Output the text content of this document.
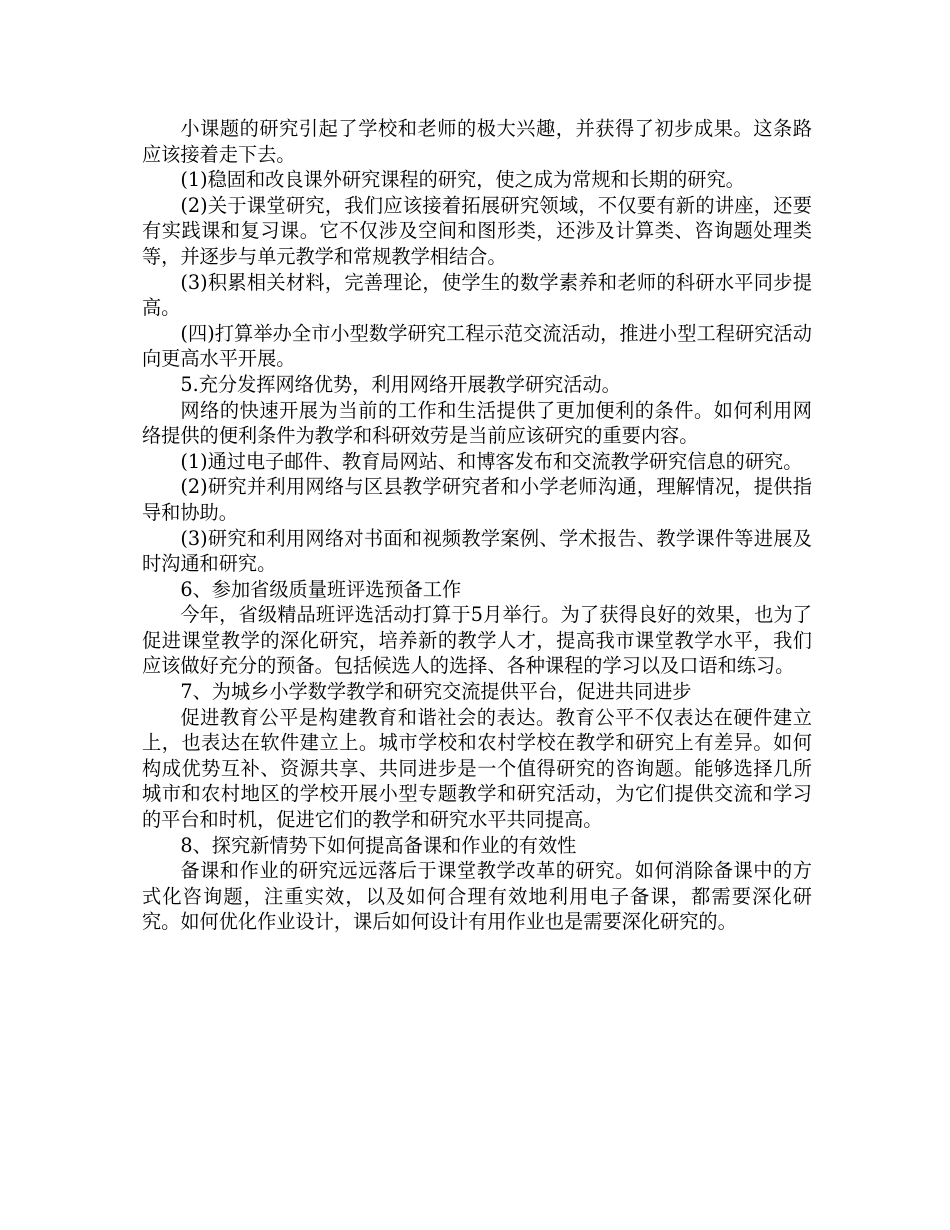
小课题的研究引起了学校和老师的极大兴趣，并获得了初步成果。这条路应该接着走下去。

(1)稳固和改良课外研究课程的研究，使之成为常规和长期的研究。

(2)关于课堂研究，我们应该接着拓展研究领域，不仅要有新的讲座，还要有实践课和复习课。它不仅涉及空间和图形类，还涉及计算类、咨询题处理类等，并逐步与单元教学和常规教学相结合。

(3)积累相关材料，完善理论，使学生的数学素养和老师的科研水平同步提高。

(四)打算举办全市小型数学研究工程示范交流活动，推进小型工程研究活动向更高水平开展。

5.充分发挥网络优势，利用网络开展教学研究活动。

网络的快速开展为当前的工作和生活提供了更加便利的条件。如何利用网络提供的便利条件为教学和科研效劳是当前应该研究的重要内容。

(1)通过电子邮件、教育局网站、和博客发布和交流教学研究信息的研究。

(2)研究并利用网络与区县教学研究者和小学老师沟通，理解情况，提供指导和协助。

(3)研究和利用网络对书面和视频教学案例、学术报告、教学课件等进展及时沟通和研究。

6、参加省级质量班评选预备工作

今年，省级精品班评选活动打算于5月举行。为了获得良好的效果，也为了促进课堂教学的深化研究，培养新的教学人才，提高我市课堂教学水平，我们应该做好充分的预备。包括候选人的选择、各种课程的学习以及口语和练习。

7、为城乡小学数学教学和研究交流提供平台，促进共同进步

促进教育公平是构建教育和谐社会的表达。教育公平不仅表达在硬件建立上，也表达在软件建立上。城市学校和农村学校在教学和研究上有差异。如何构成优势互补、资源共享、共同进步是一个值得研究的咨询题。能够选择几所城市和农村地区的学校开展小型专题教学和研究活动，为它们提供交流和学习的平台和时机，促进它们的教学和研究水平共同提高。

8、探究新情势下如何提高备课和作业的有效性

备课和作业的研究远远落后于课堂教学改革的研究。如何消除备课中的方式化咨询题，注重实效，以及如何合理有效地利用电子备课，都需要深化研究。如何优化作业设计，课后如何设计有用作业也是需要深化研究的。
